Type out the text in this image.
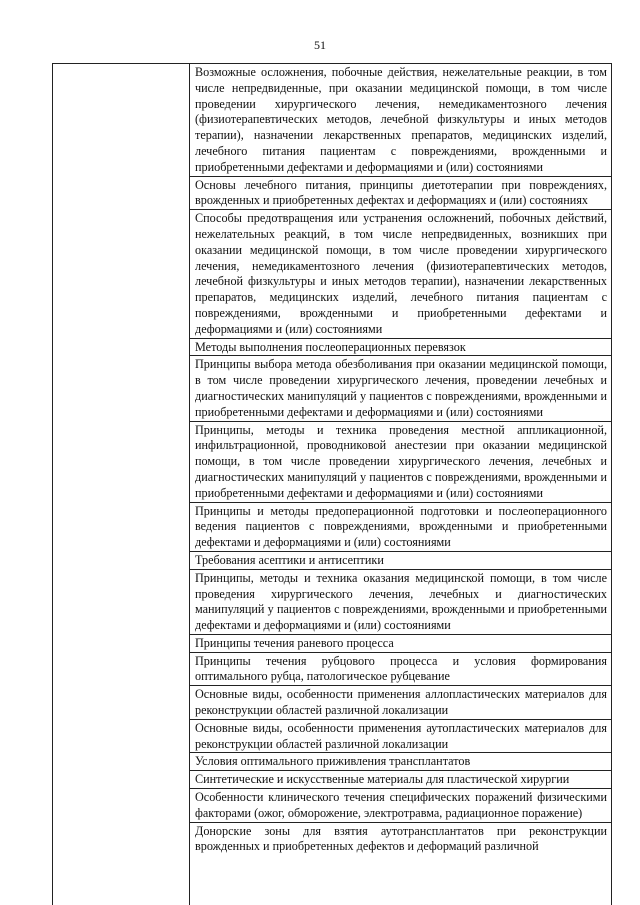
51
Возможные осложнения, побочные действия, нежелательные реакции, в том числе непредвиденные, при оказании медицинской помощи, в том числе проведении хирургического лечения, немедикаментозного лечения (физиотерапевтических методов, лечебной физкультуры и иных методов терапии), назначении лекарственных препаратов, медицинских изделий, лечебного питания пациентам с повреждениями, врожденными и приобретенными дефектами и деформациями и (или) состояниями
Основы лечебного питания, принципы диетотерапии при повреждениях, врожденных и приобретенных дефектах и деформациях и (или) состояниях
Способы предотвращения или устранения осложнений, побочных действий, нежелательных реакций, в том числе непредвиденных, возникших при оказании медицинской помощи, в том числе проведении хирургического лечения, немедикаментозного лечения (физиотерапевтических методов, лечебной физкультуры и иных методов терапии), назначении лекарственных препаратов, медицинских изделий, лечебного питания пациентам с повреждениями, врожденными и приобретенными дефектами и деформациями и (или) состояниями
Методы выполнения послеоперационных перевязок
Принципы выбора метода обезболивания при оказании медицинской помощи, в том числе проведении хирургического лечения, проведении лечебных и диагностических манипуляций у пациентов с повреждениями, врожденными и приобретенными дефектами и деформациями и (или) состояниями
Принципы, методы и техника проведения местной аппликационной, инфильтрационной, проводниковой анестезии при оказании медицинской помощи, в том числе проведении хирургического лечения, лечебных и диагностических манипуляций у пациентов с повреждениями, врожденными и приобретенными дефектами и деформациями и (или) состояниями
Принципы и методы предоперационной подготовки и послеоперационного ведения пациентов с повреждениями, врожденными и приобретенными дефектами и деформациями и (или) состояниями
Требования асептики и антисептики
Принципы, методы и техника оказания медицинской помощи, в том числе проведения хирургического лечения, лечебных и диагностических манипуляций у пациентов с повреждениями, врожденными и приобретенными дефектами и деформациями и (или) состояниями
Принципы течения раневого процесса
Принципы течения рубцового процесса и условия формирования оптимального рубца, патологическое рубцевание
Основные виды, особенности применения аллопластических материалов для реконструкции областей различной локализации
Основные виды, особенности применения аутопластических материалов для реконструкции областей различной локализации
Условия оптимального приживления трансплантатов
Синтетические и искусственные материалы для пластической хирургии
Особенности клинического течения специфических поражений физическими факторами (ожог, обморожение, электротравма, радиационное поражение)
Донорские зоны для взятия аутотрансплантатов при реконструкции врожденных и приобретенных дефектов и деформаций различной
